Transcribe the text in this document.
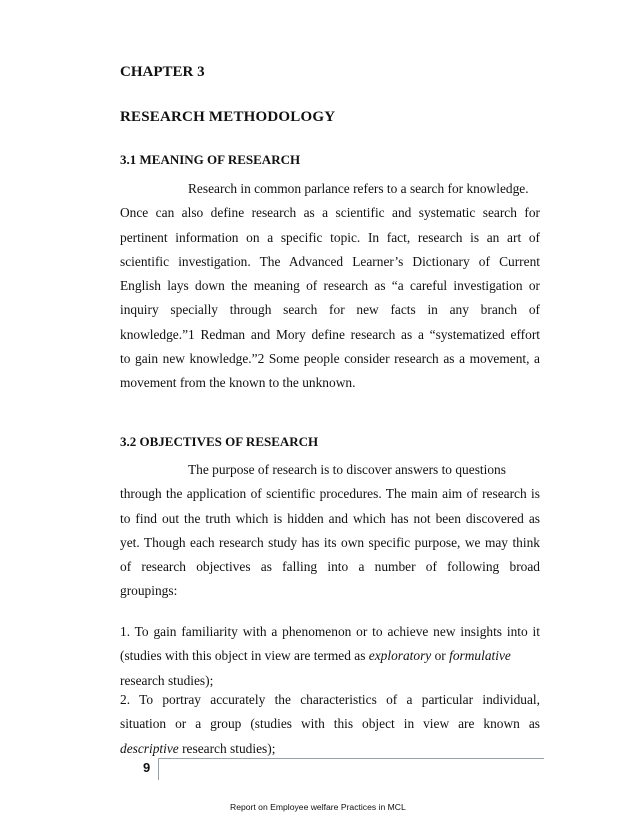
CHAPTER 3

RESEARCH METHODOLOGY

3.1 MEANING OF RESEARCH

Research in common parlance refers to a search for knowledge.
Once can also define research as a scientific and systematic search for
pertinent information on a specific topic. In fact, research is an art of
scientific investigation. The Advanced Learner’s Dictionary of Current
English lays down the meaning of research as “a careful investigation or
inquiry specially through search for new facts in any branch of
knowledge.”1 Redman and Mory define research as a “systematized effort
to gain new knowledge.”2 Some people consider research as a movement, a
movement from the known to the unknown.

3.2 OBJECTIVES OF RESEARCH

The purpose of research is to discover answers to questions
through the application of scientific procedures. The main aim of research is
to find out the truth which is hidden and which has not been discovered as
yet. Though each research study has its own specific purpose, we may think
of research objectives as falling into a number of following broad
groupings:
1. To gain familiarity with a phenomenon or to achieve new insights into it
(studies with this object in view are termed as exploratory or formulative
research studies);
2. To portray accurately the characteristics of a particular individual,
situation or a group (studies with this object in view are known as
descriptive research studies);
9
Report on Employee welfare Practices in MCL
